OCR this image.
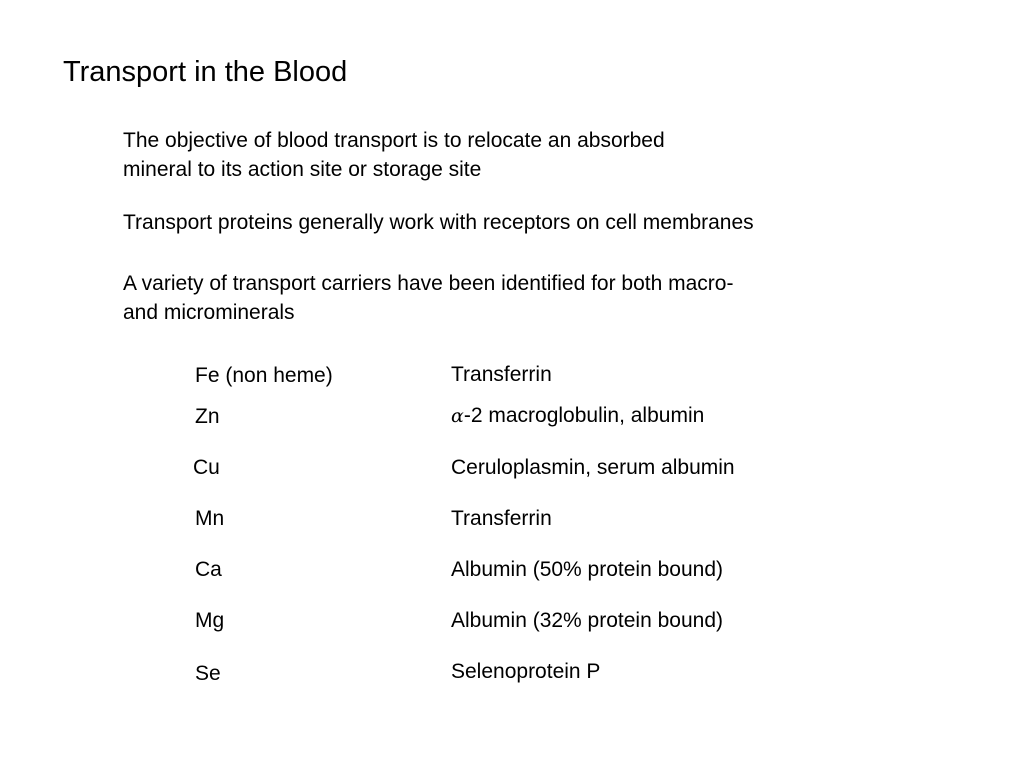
Transport in the Blood
The objective of blood transport is to relocate an absorbed
mineral to its action site or storage site
Transport proteins generally work with receptors on cell membranes
A variety of transport carriers have been identified for both macro-
and microminerals
Fe (non heme)	Transferrin
Zn	α-2 macroglobulin, albumin
Cu	Ceruloplasmin, serum albumin
Mn	Transferrin
Ca	Albumin (50% protein bound)
Mg	Albumin (32% protein bound)
Se	Selenoprotein P
